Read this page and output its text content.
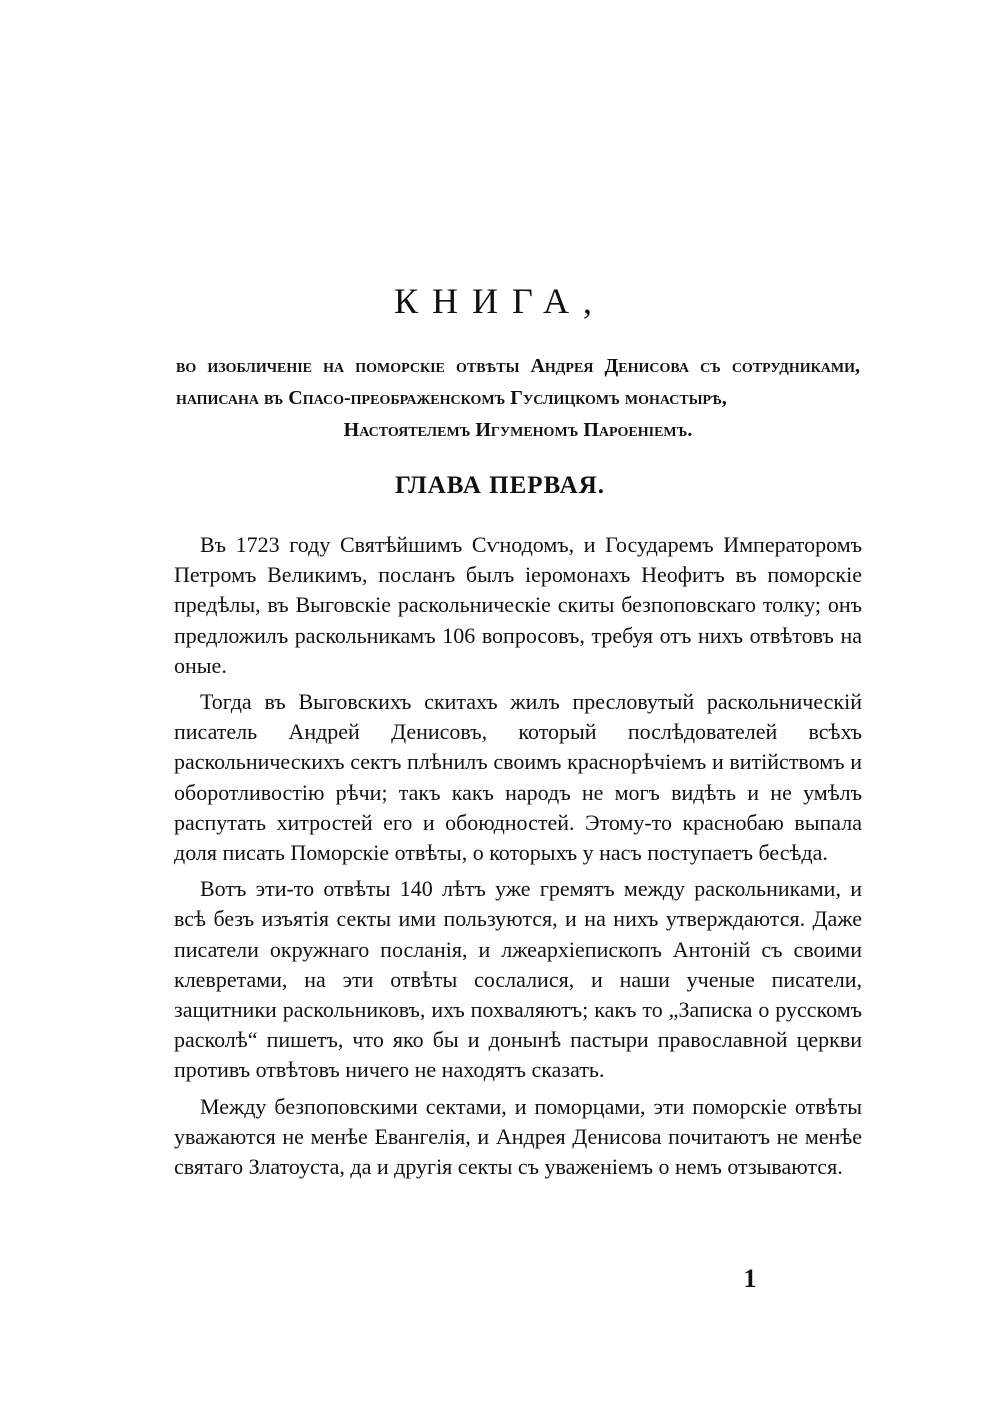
КНИГА,

во изобличеніе на поморскіе отвѣты Андрея Денисова съ сотрудниками, написана въ Спасо-преображенскомъ Гуслицкомъ монастырѣ,
Настоятелемъ Игуменомъ Пароеніемъ.

ГЛАВА ПЕРВАЯ.

Въ 1723 году Святѣйшимъ Сѵнодомъ, и Государемъ Императоромъ Петромъ Великимъ, посланъ былъ іеромонахъ Неофитъ въ поморскіе предѣлы, въ Выговскіе раскольническіе скиты безпоповскаго толку; онъ предложилъ раскольникамъ 106 вопросовъ, требуя отъ нихъ отвѣтовъ на оные.

Тогда въ Выговскихъ скитахъ жилъ пресловутый раскольническій писатель Андрей Денисовъ, который послѣдователей всѣхъ раскольническихъ сектъ плѣнилъ своимъ краснорѣчіемъ и витійствомъ и оборотливостію рѣчи; такъ какъ народъ не могъ видѣть и не умѣлъ распутать хитростей его и обоюдностей. Этому-то краснобаю выпала доля писать Поморскіе отвѣты, о которыхъ у насъ поступаетъ бесѣда.

Вотъ эти-то отвѣты 140 лѣтъ уже гремятъ между раскольниками, и всѣ безъ изъятія секты ими пользуются, и на нихъ утверждаются. Даже писатели окружнаго посланія, и лжеархіепископъ Антоній съ своими клевретами, на эти отвѣты сослалися, и наши ученые писатели, защитники раскольниковъ, ихъ похваляютъ; какъ то „Записка о русскомъ расколѣ“ пишетъ, что яко бы и донынѣ пастыри православной церкви противъ отвѣтовъ ничего не находятъ сказать.

Между безпоповскими сектами, и поморцами, эти поморскіе отвѣты уважаются не менѣе Евангелія, и Андрея Денисова почитаютъ не менѣе святаго Златоуста, да и другія секты съ уваженіемъ о немъ отзываются.

1
